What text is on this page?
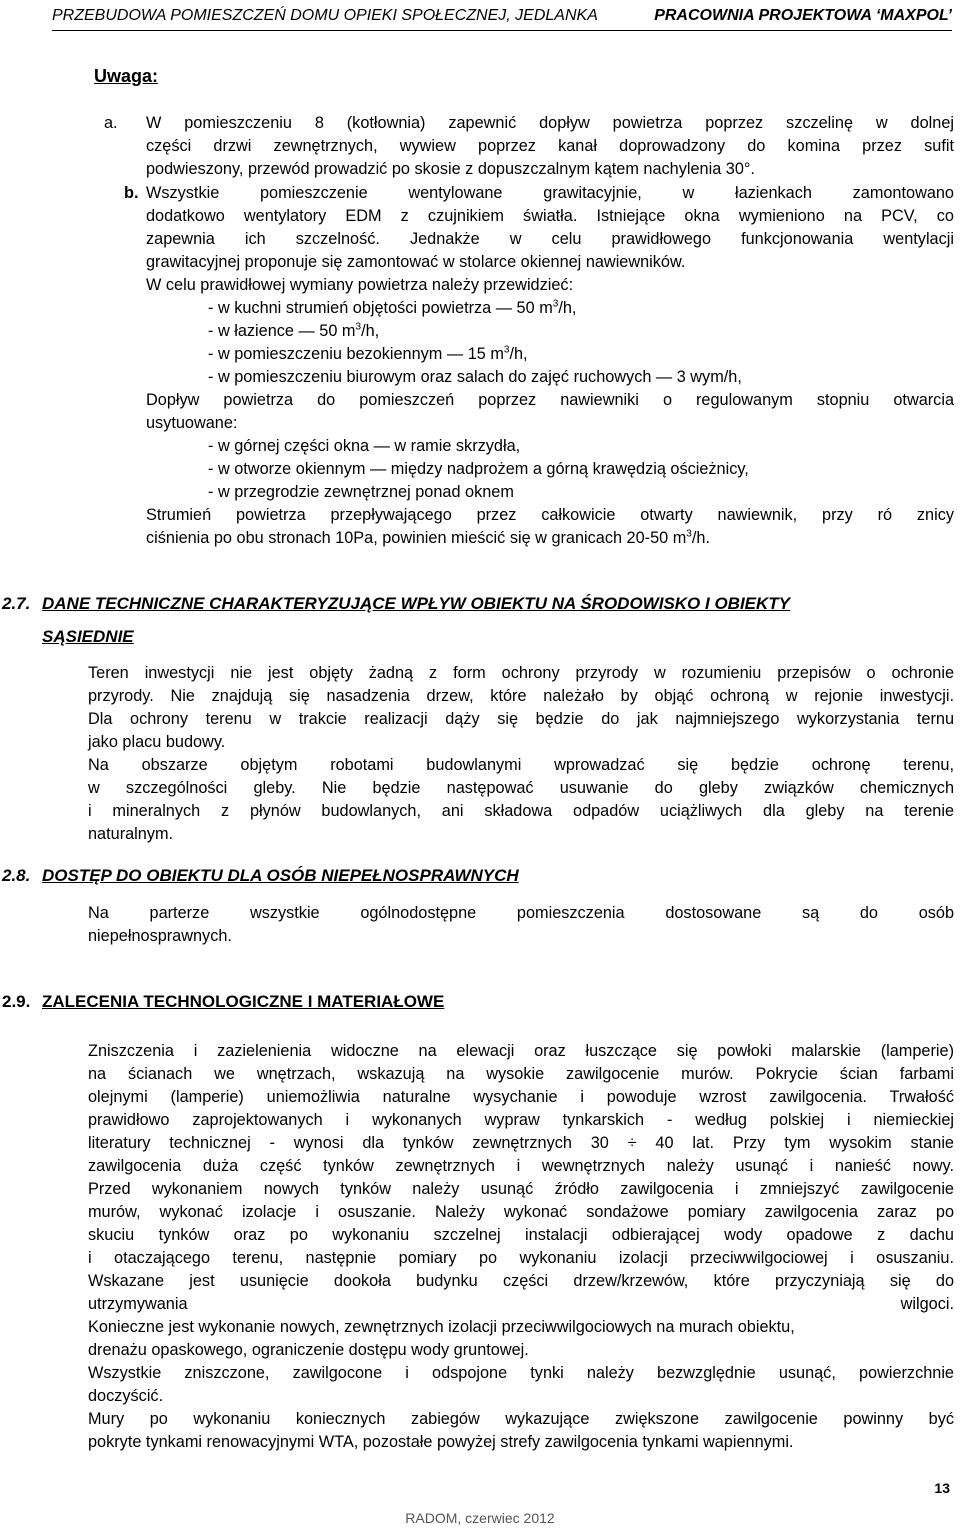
PRZEBUDOWA POMIESZCZEŃ DOMU OPIEKI SPOŁECZNEJ, JEDLANKA	PRACOWNIA PROJEKTOWA ‘MAXPOL’
Uwaga:
a. W pomieszczeniu 8 (kotłownia) zapewnić dopływ powietrza poprzez szczelinę w dolnej
części drzwi zewnętrznych, wywiew poprzez kanał doprowadzony do komina przez sufit
podwieszony, przewód prowadzić po skosie z dopuszczalnym kątem nachylenia 30°.
b. Wszystkie pomieszczenie wentylowane grawitacyjnie, w łazienkach zamontowano
dodatkowo wentylatory EDM z czujnikiem światła. Istniejące okna wymieniono na PCV, co
zapewnia ich szczelność. Jednakże w celu prawidłowego funkcjonowania wentylacji
grawitacyjnej proponuje się zamontować w stolarce okiennej nawiewników.
W celu prawidłowej wymiany powietrza należy przewidzieć:
- w kuchni strumień objętości powietrza — 50 $m^3/h$,
- w łazience — 50 $m^3/h$,
- w pomieszczeniu bezokiennym — 15 $m^3/h$,
- w pomieszczeniu biurowym oraz salach do zajęć ruchowych — 3 wym/h,
Dopływ powietrza do pomieszczeń poprzez nawiewniki o regulowanym stopniu otwarcia
usytuowane:
- w górnej części okna — w ramie skrzydła,
- w otworze okiennym — między nadprożem a górną krawędzią ościeżnicy,
- w przegrodzie zewnętrznej ponad oknem
Strumień powietrza przepływającego przez całkowicie otwarty nawiewnik, przy ró znicy
ciśnienia po obu stronach 10Pa, powinien mieścić się w granicach 20-50 $m^3/h$.
2.7. DANE TECHNICZNE CHARAKTERYZUJĄCE WPŁYW OBIEKTU NA ŚRODOWISKO I OBIEKTY
SĄSIEDNIE
Teren inwestycji nie jest objęty żadną z form ochrony przyrody w rozumieniu przepisów o ochronie
przyrody. Nie znajdują się nasadzenia drzew, które należało by objąć ochroną w rejonie inwestycji.
Dla ochrony terenu w trakcie realizacji dąży się będzie do jak najmniejszego wykorzystania ternu
jako placu budowy.
Na obszarze objętym robotami budowlanymi wprowadzać się będzie ochronę terenu,
w szczególności gleby. Nie będzie następować usuwanie do gleby związków chemicznych
i mineralnych z płynów budowlanych, ani składowa odpadów uciążliwych dla gleby na terenie
naturalnym.
2.8. DOSTĘP DO OBIEKTU DLA OSÓB NIEPEŁNOSPRAWNYCH
Na parterze wszystkie ogólnodostępne pomieszczenia dostosowane są do osób
niepełnosprawnych.
2.9. ZALECENIA TECHNOLOGICZNE I MATERIAŁOWE
Zniszczenia i zazielenienia widoczne na elewacji oraz łuszczące się powłoki malarskie (lamperie)
na ścianach we wnętrzach, wskazują na wysokie zawilgocenie murów. Pokrycie ścian farbami
olejnymi (lamperie) uniemożliwia naturalne wysychanie i powoduje wzrost zawilgocenia. Trwałość
prawidłowo zaprojektowanych i wykonanych wypraw tynkarskich - według polskiej i niemieckiej
literatury technicznej - wynosi dla tynków zewnętrznych 30 ÷ 40 lat. Przy tym wysokim stanie
zawilgocenia duża część tynków zewnętrznych i wewnętrznych należy usunąć i nanieść nowy.
Przed wykonaniem nowych tynków należy usunąć źródło zawilgocenia i zmniejszyć zawilgocenie
murów, wykonać izolacje i osuszanie. Należy wykonać sondażowe pomiary zawilgocenia zaraz po
skuciu tynków oraz po wykonaniu szczelnej instalacji odbierającej wody opadowe z dachu
i otaczającego terenu, następnie pomiary po wykonaniu izolacji przeciwwilgociowej i osuszaniu.
Wskazane jest usunięcie dookoła budynku części drzew/krzewów, które przyczyniają się do
utrzymywania wilgoci.
Konieczne jest wykonanie nowych, zewnętrznych izolacji przeciwwilgociowych na murach obiektu,
drenażu opaskowego, ograniczenie dostępu wody gruntowej.
Wszystkie zniszczone, zawilgocone i odspojone tynki należy bezwzględnie usunąć, powierzchnie
doczyścić.
Mury po wykonaniu koniecznych zabiegów wykazujące zwiększone zawilgocenie powinny być
pokryte tynkami renowacyjnymi WTA, pozostałe powyżej strefy zawilgocenia tynkami wapiennymi.
13
RADOM, czerwiec 2012
